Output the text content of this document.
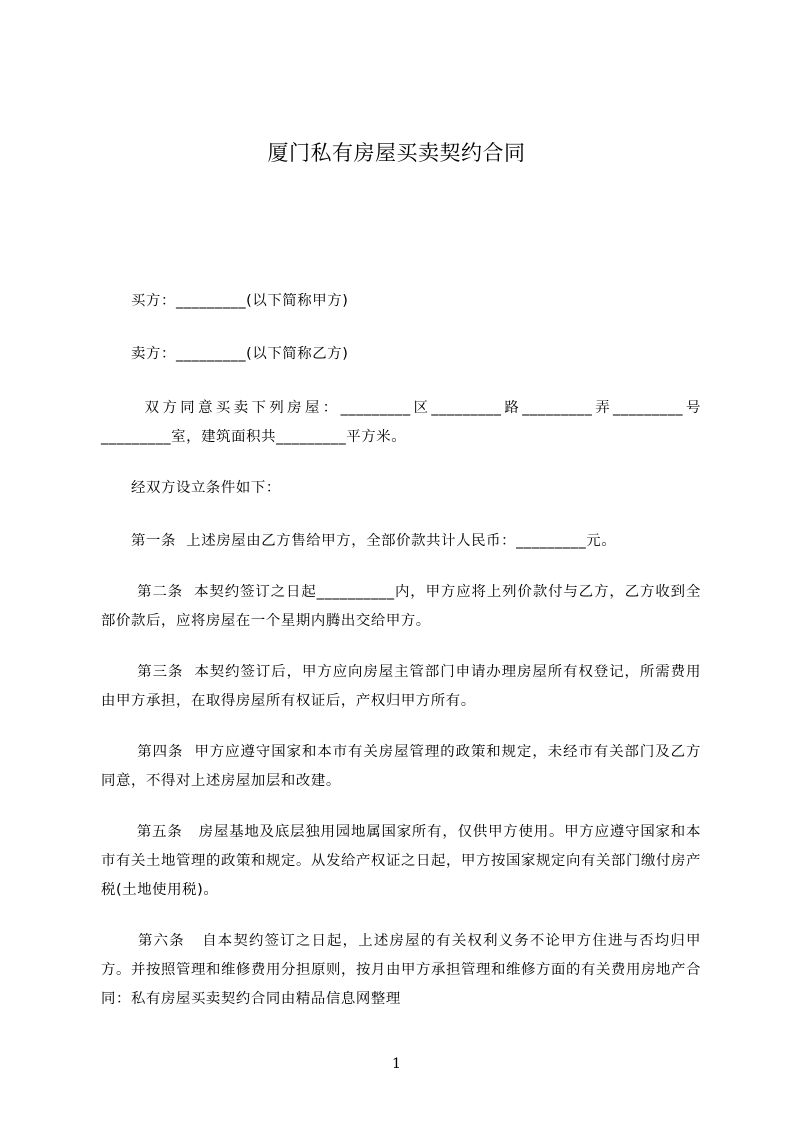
厦门私有房屋买卖契约合同
　　买方：_________(以下简称甲方)
　　卖方：_________(以下简称乙方)
　　 双方同意买卖下列房屋：_________区_________路_________弄_________号_________室，建筑面积共_________平方米。
　　经双方设立条件如下：
　　第一条  上述房屋由乙方售给甲方，全部价款共计人民币：_________元。
　　 第二条  本契约签订之日起__________内，甲方应将上列价款付与乙方，乙方收到全部价款后，应将房屋在一个星期内腾出交给甲方。
　　 第三条  本契约签订后，甲方应向房屋主管部门申请办理房屋所有权登记，所需费用由甲方承担，在取得房屋所有权证后，产权归甲方所有。
　　 第四条  甲方应遵守国家和本市有关房屋管理的政策和规定，未经市有关部门及乙方同意，不得对上述房屋加层和改建。
　　 第五条   房屋基地及底层独用园地属国家所有，仅供甲方使用。甲方应遵守国家和本市有关土地管理的政策和规定。从发给产权证之日起，甲方按国家规定向有关部门缴付房产税(土地使用税)。
　　 第六条   自本契约签订之日起，上述房屋的有关权利义务不论甲方住进与否均归甲方。并按照管理和维修费用分担原则，按月由甲方承担管理和维修方面的有关费用房地产合同：私有房屋买卖契约合同由精品信息网整理
1
